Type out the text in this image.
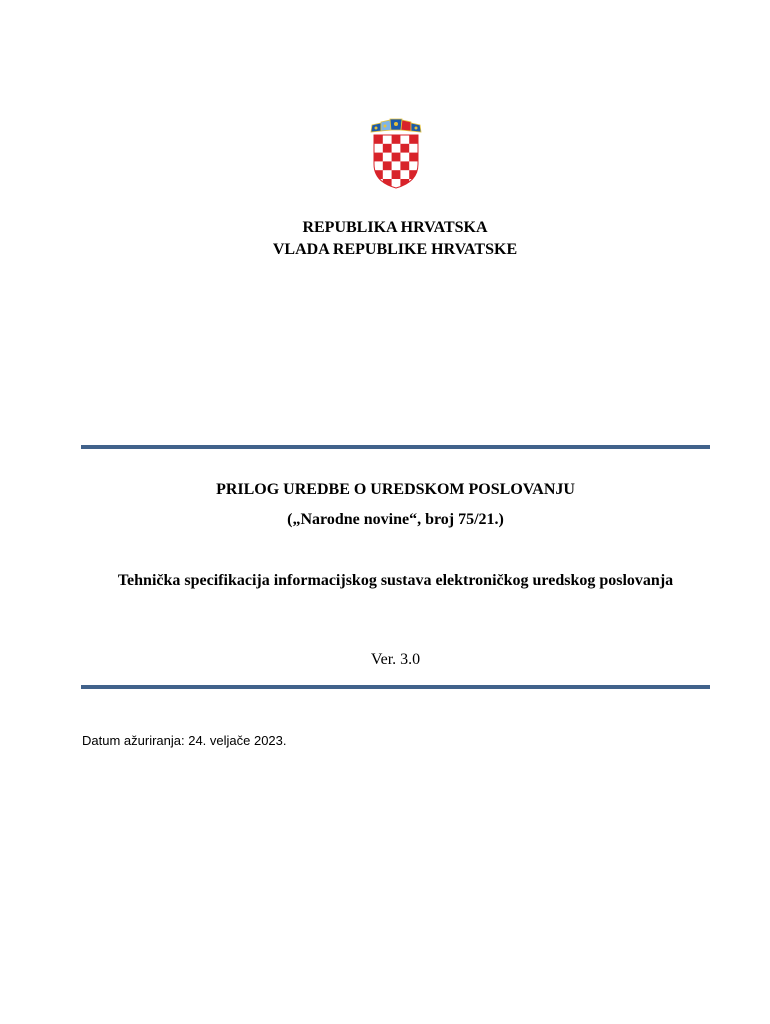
REPUBLIKA HRVATSKA
VLADA REPUBLIKE HRVATSKE
PRILOG UREDBE O UREDSKOM POSLOVANJU
(„Narodne novine“, broj 75/21.)
Tehnička specifikacija informacijskog sustava elektroničkog uredskog poslovanja
Ver. 3.0
Datum ažuriranja: 24. veljače 2023.
